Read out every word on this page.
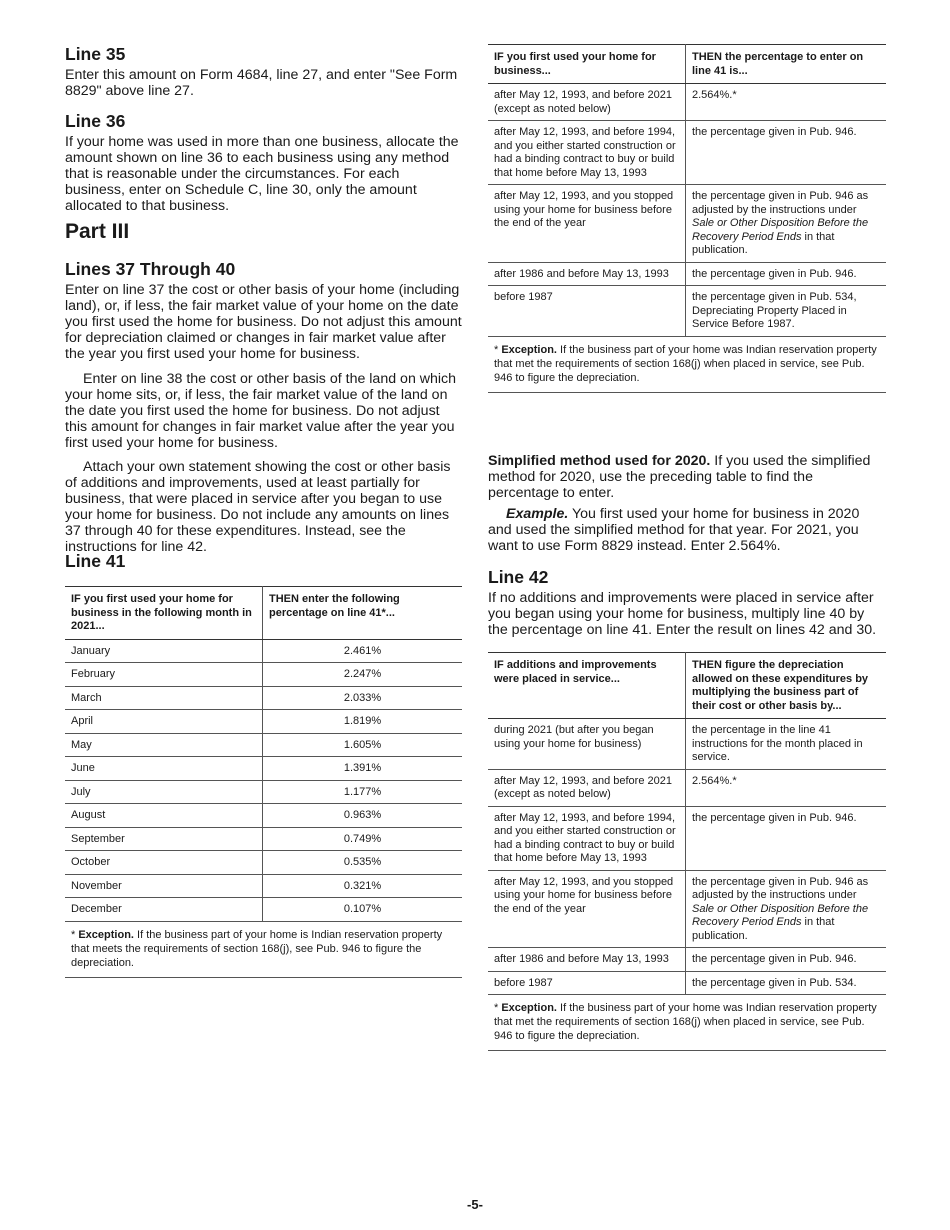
Line 35

Enter this amount on Form 4684, line 27, and enter "See Form 8829" above line 27.

Line 36

If your home was used in more than one business, allocate the amount shown on line 36 to each business using any method that is reasonable under the circumstances. For each business, enter on Schedule C, line 30, only the amount allocated to that business.

Part III
Lines 37 Through 40

Enter on line 37 the cost or other basis of your home (including land), or, if less, the fair market value of your home on the date you first used the home for business. Do not adjust this amount for depreciation claimed or changes in fair market value after the year you first used your home for business.

Enter on line 38 the cost or other basis of the land on which your home sits, or, if less, the fair market value of the land on the date you first used the home for business. Do not adjust this amount for changes in fair market value after the year you first used your home for business.

Attach your own statement showing the cost or other basis of additions and improvements, used at least partially for business, that were placed in service after you began to use your home for business. Do not include any amounts on lines 37 through 40 for these expenditures. Instead, see the instructions for line 42.

Line 41
IF you first used your home for business in the following month in 2021...	THEN enter the following percentage on line 41*...
January	2.461%
February	2.247%
March	2.033%
April	1.819%
May	1.605%
June	1.391%
July	1.177%
August	0.963%
September	0.749%
October	0.535%
November	0.321%
December	0.107%
* Exception. If the business part of your home is Indian reservation property that meets the requirements of section 168(j), see Pub. 946 to figure the depreciation.
IF you first used your home for business...	THEN the percentage to enter on line 41 is...
after May 12, 1993, and before 2021 (except as noted below)	2.564%.*
after May 12, 1993, and before 1994, and you either started construction or had a binding contract to buy or build that home before May 13, 1993	the percentage given in Pub. 946.
after May 12, 1993, and you stopped using your home for business before the end of the year	the percentage given in Pub. 946 as adjusted by the instructions under Sale or Other Disposition Before the Recovery Period Ends in that publication.
after 1986 and before May 13, 1993	the percentage given in Pub. 946.
before 1987	the percentage given in Pub. 534, Depreciating Property Placed in Service Before 1987.
* Exception. If the business part of your home was Indian reservation property that met the requirements of section 168(j) when placed in service, see Pub. 946 to figure the depreciation.

Simplified method used for 2020. If you used the simplified method for 2020, use the preceding table to find the percentage to enter.

Example. You first used your home for business in 2020 and used the simplified method for that year. For 2021, you want to use Form 8829 instead. Enter 2.564%.

Line 42

If no additions and improvements were placed in service after you began using your home for business, multiply line 40 by the percentage on line 41. Enter the result on lines 42 and 30.

IF additions and improvements were placed in service...	THEN figure the depreciation allowed on these expenditures by multiplying the business part of their cost or other basis by...
during 2021 (but after you began using your home for business)	the percentage in the line 41 instructions for the month placed in service.
after May 12, 1993, and before 2021 (except as noted below)	2.564%.*
after May 12, 1993, and before 1994, and you either started construction or had a binding contract to buy or build that home before May 13, 1993	the percentage given in Pub. 946.
after May 12, 1993, and you stopped using your home for business before the end of the year	the percentage given in Pub. 946 as adjusted by the instructions under Sale or Other Disposition Before the Recovery Period Ends in that publication.
after 1986 and before May 13, 1993	the percentage given in Pub. 946.
before 1987	the percentage given in Pub. 534.
* Exception. If the business part of your home was Indian reservation property that met the requirements of section 168(j) when placed in service, see Pub. 946 to figure the depreciation.
-5-
